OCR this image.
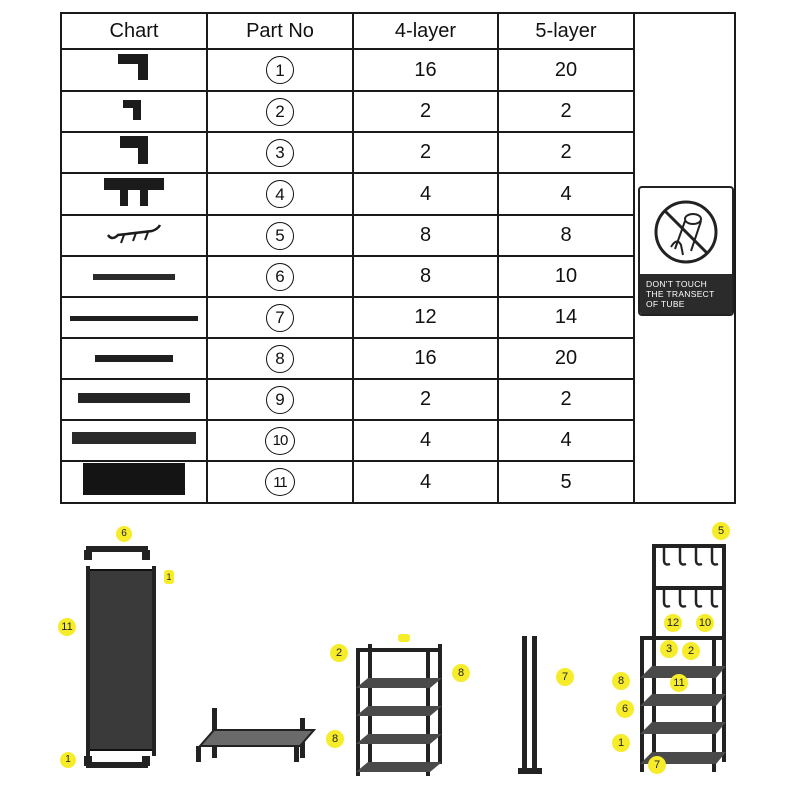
Chart	Part No	4-layer	5-layer	DON'T TOUCH
THE TRANSECT
OF TUBE

	1	16	20	
	2	2	2	
	3	2	2	
	4	4	4	
	5	8	8	
	6	8	10	
	7	12	14	
	8	16	20	
	9	2	2	
	10	4	4	
	11	4	5	
6
1
11
1
8
2
8	7
5
12 10
3	2
8	11
6
1
7
